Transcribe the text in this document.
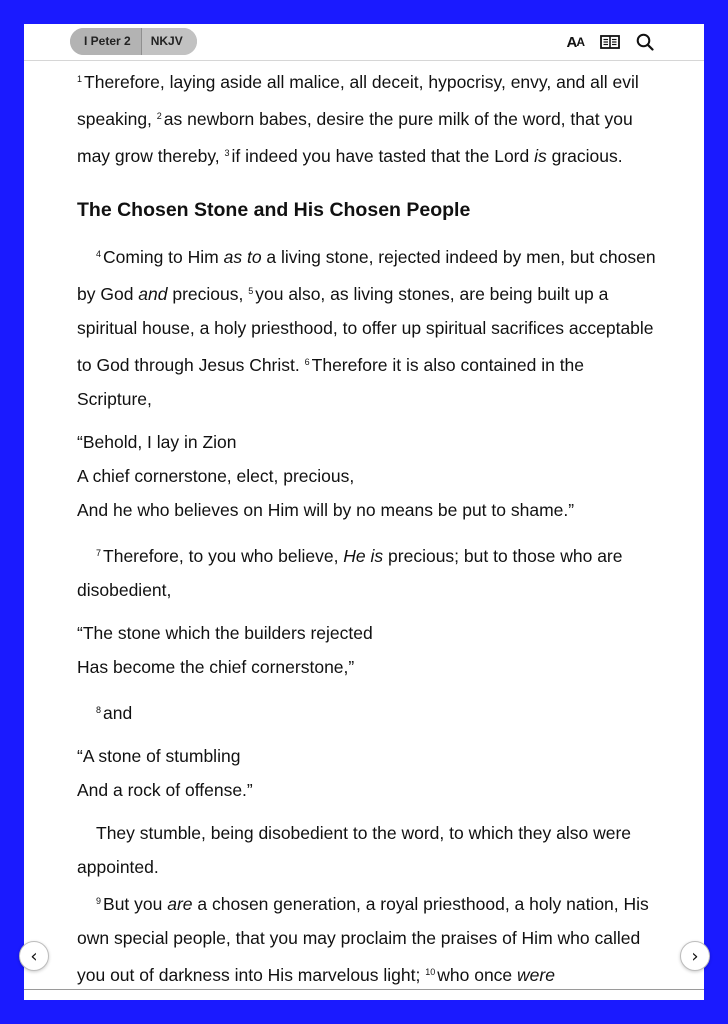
I Peter 2	NKJV	A A

$^1$ Therefore, laying aside all malice, all deceit, hypocrisy, envy, and all evil speaking, $^2$ as newborn babes, desire the pure milk of the word, that you may grow thereby, $^3$ if indeed you have tasted that the Lord is gracious.

The Chosen Stone and His Chosen People

$^4$ Coming to Him as to a living stone, rejected indeed by men, but chosen by God and precious, $^5$ you also, as living stones, are being built up a spiritual house, a holy priesthood, to offer up spiritual sacrifices acceptable to God through Jesus Christ. $^6$ Therefore it is also contained in the Scripture,

“Behold, I lay in Zion

A chief cornerstone, elect, precious,

And he who believes on Him will by no means be put to shame.”

$^7$ Therefore, to you who believe, He is precious; but to those who are disobedient,

“The stone which the builders rejected

Has become the chief cornerstone,”

$^8$ and

“A stone of stumbling

And a rock of offense.”

They stumble, being disobedient to the word, to which they also were appointed.

$^9$ But you are a chosen generation, a royal priesthood, a holy nation, His own special people, that you may proclaim the praises of Him who called you out of darkness into His marvelous light; $^{10}$ who once were

‹	›
